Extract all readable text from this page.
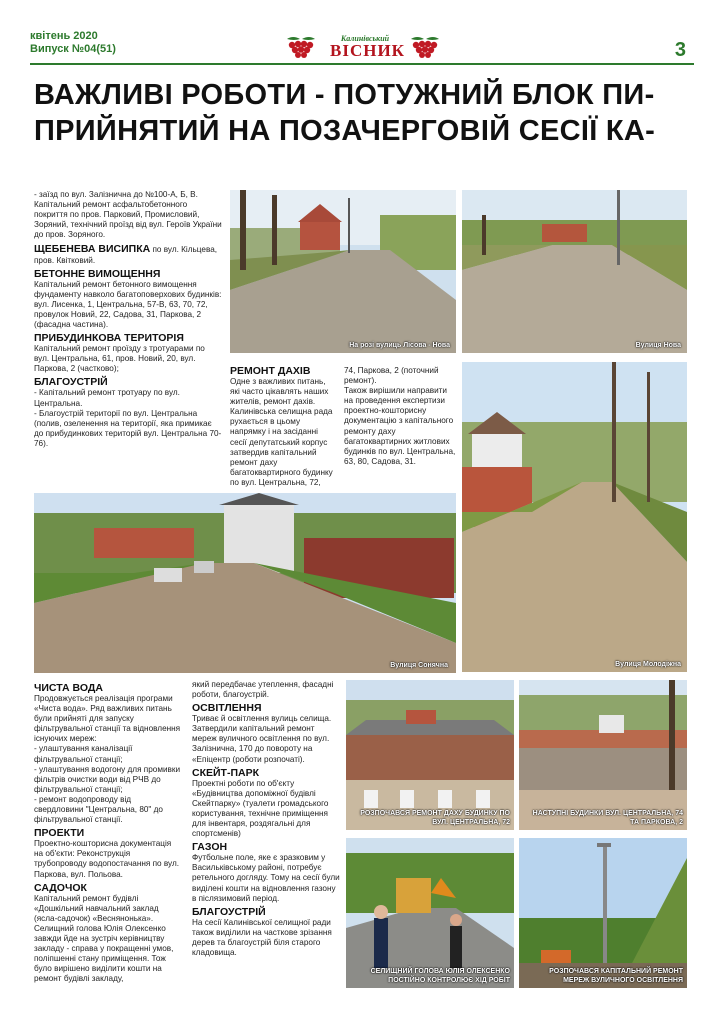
квітень 2020
Випуск №04(51)
Калинівський
ВІСНИК	3
ВАЖЛИВІ РОБОТИ - ПОТУЖНИЙ БЛОК ПИ-
ПРИЙНЯТИЙ НА ПОЗАЧЕРГОВІЙ СЕСІЇ КА-

- заїзд по вул. Залізнична до №100-А, Б, В.

Капітальний ремонт асфальтобетонного покриття по пров. Парковий, Промисловий, Зоряний, технічний проїзд від вул. Героїв України до пров. Зоряного.

ЩЕБЕНЕВА ВИСИПКА по вул. Кільцева, пров. Квітковий.

БЕТОННЕ ВИМОЩЕННЯ

Капітальний ремонт бетонного вимощення фундаменту навколо багатоповерхових будинків: вул. Лисенка, 1, Центральна, 57-В, 63, 70, 72, провулок Новий, 22, Садова, 31, Паркова, 2 (фасадна частина).

ПРИБУДИНКОВА ТЕРИТОРІЯ

Капітальний ремонт проїзду з тротуарами по вул. Центральна, 61, пров. Новий, 20, вул. Паркова, 2 (частково);

БЛАГОУСТРІЙ

- Капітальний ремонт тротуару по вул. Центральна.

- Благоустрій території по вул. Центральна (полив, озеленення на території, яка примикає до прибудинкових територій вул. Центральна 70-76).

На розі вулиць Лісова - Нова	Вулиця Нова
РЕМОНТ ДАХІВ

Одне з важливих питань, які часто цікавлять наших жителів, ремонт дахів. Калинівська селищна рада рухається в цьому напрямку і на засіданні сесії депутатський корпус затвердив капітальний ремонт даху багатоквартирного будинку по вул. Центральна, 72,

74, Паркова, 2 (поточний ремонт).

Також вирішили направити на проведення експертизи проектно-кошторисну документацію з капітального ремонту даху багатоквартирних житлових будинків по вул. Центральна, 63, 80, Садова, 31.

Вулиця Молодіжна
Вулиця Сонячна
ЧИСТА ВОДА

Продовжується реалізація програми «Чиста вода». Ряд важливих питань були прийняті для запуску фільтрувальної станції та відновлення існуючих мереж:

- улаштування каналізації фільтрувальної станції;

- улаштування водогону для промивки фільтрів очистки води від РЧВ до фільтрувальної станції;

- ремонт водопроводу від свердловини "Центральна, 80" до фільтрувальної станції.

ПРОЕКТИ

Проектно-кошторисна документація на об'єкти: Реконструкція трубопроводу водопостачання по вул. Паркова, вул. Польова.

САДОЧОК

Капітальний ремонт будівлі «Дошкільний навчальний заклад (ясла-садочок) «Веснянонька». Селищний голова Юлія Олексенко завжди йде на зустріч керівництву закладу - справа у покращенні умов, поліпшенні стану приміщення. Тож було вирішено виділити кошти на ремонт будівлі закладу,

який передбачає утеплення, фасадні роботи, благоустрій.

ОСВІТЛЕННЯ

Триває й освітлення вулиць селища. Затвердили капітальний ремонт мереж вуличного освітлення по вул. Залізнична, 170 до повороту на «Епіцентр (роботи розпочаті).

СКЕЙТ-ПАРК

Проектні роботи по об'єкту «Будівництва допоміжної будівлі Скейтпарку» (туалети громадського користування, технічне приміщення для інвентаря, роздягальні для спортсменів)

ГАЗОН

Футбольне поле, яке є зразковим у Васильківському районі, потребує ретельного догляду. Тому на сесії були виділені кошти на відновлення газону в післязимовий період.

БЛАГОУСТРІЙ

На сесії Калинівської селищної ради також виділили на часткове зрізання дерев та благоустрій біля старого кладовища.

РОЗПОЧАВСЯ РЕМОНТ ДАХУ БУДИНКУ ПО ВУЛ. ЦЕНТРАЛЬНА, 72
НАСТУПНІ БУДИНКИ ВУЛ. ЦЕНТРАЛЬНА, 74 ТА ПАРКОВА, 2
СЕЛИЩНИЙ ГОЛОВА ЮЛІЯ ОЛЕКСЕНКО ПОСТІЙНО КОНТРОЛЮЄ ХІД РОБІТ
РОЗПОЧАВСЯ КАПІТАЛЬНИЙ РЕМОНТ МЕРЕЖ ВУЛИЧНОГО ОСВІТЛЕННЯ
